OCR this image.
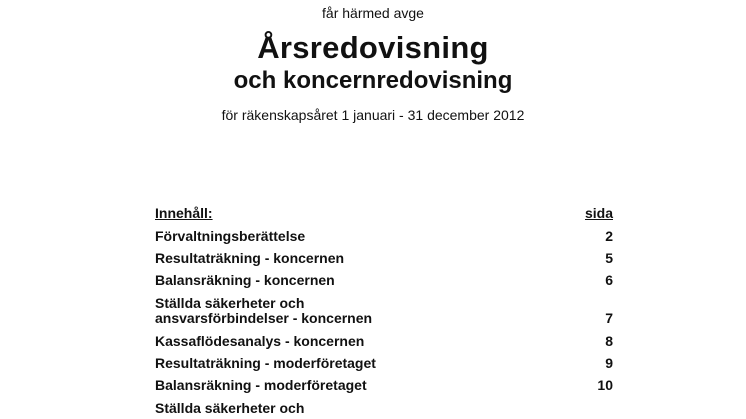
får härmed avge
Årsredovisning
och koncernredovisning
för räkenskapsåret 1 januari - 31 december 2012
Innehåll:	sida
Förvaltningsberättelse	2
Resultaträkning - koncernen	5
Balansräkning - koncernen	6
Ställda säkerheter och
ansvarsförbindelser - koncernen	7
Kassaflödesanalys - koncernen	8
Resultaträkning - moderföretaget	9
Balansräkning - moderföretaget	10
Ställda säkerheter och
